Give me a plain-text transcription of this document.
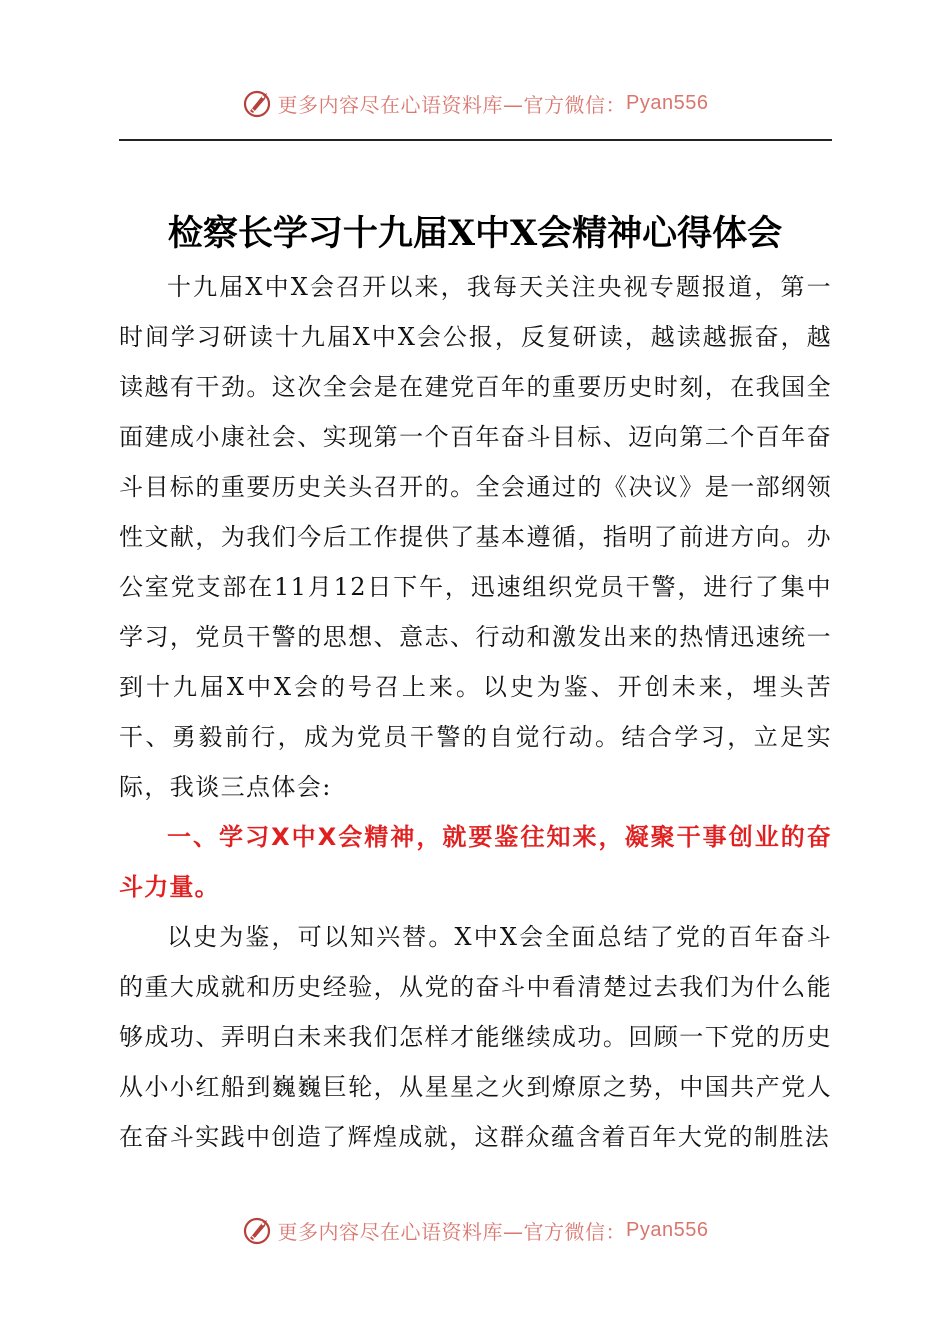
更多内容尽在心语资料库—官方微信： Pyan556
检察长学习十九届X中X会精神心得体会

十九届X中X会召开以来，我每天关注央视专题报道，第一时间学习研读十九届X中X会公报，反复研读，越读越振奋，越读越有干劲。这次全会是在建党百年的重要历史时刻，在我国全面建成小康社会、实现第一个百年奋斗目标、迈向第二个百年奋斗目标的重要历史关头召开的。全会通过的《决议》是一部纲领性文献，为我们今后工作提供了基本遵循，指明了前进方向。办公室党支部在11月12日下午，迅速组织党员干警，进行了集中学习，党员干警的思想、意志、行动和激发出来的热情迅速统一到十九届X中X会的号召上来。以史为鉴、开创未来，埋头苦干、勇毅前行，成为党员干警的自觉行动。结合学习，立足实际，我谈三点体会:

一、学习X中X会精神，就要鉴往知来，凝聚干事创业的奋斗力量。

以史为鉴，可以知兴替。X中X会全面总结了党的百年奋斗的重大成就和历史经验，从党的奋斗中看清楚过去我们为什么能够成功、弄明白未来我们怎样才能继续成功。回顾一下党的历史从小小红船到巍巍巨轮，从星星之火到燎原之势，中国共产党人在奋斗实践中创造了辉煌成就，这群众蕴含着百年大党的制胜法

更多内容尽在心语资料库—官方微信： Pyan556
